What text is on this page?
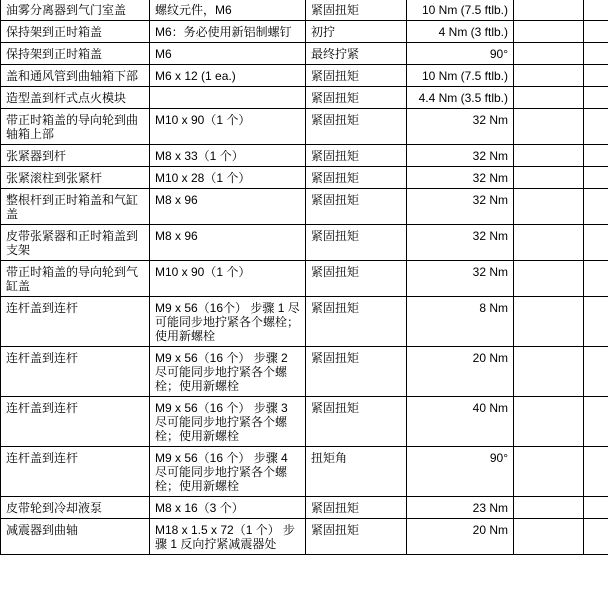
油雾分离器到气门室盖	螺纹元件，M6	紧固扭矩	10 Nm (7.5 ftlb.)		
保持架到正时箱盖	M6：务必使用新铝制螺钉	初拧	4 Nm (3 ftlb.)		
保持架到正时箱盖	M6	最终拧紧	90°		
盖和通风管到曲轴箱下部	M6 x 12 (1 ea.)	紧固扭矩	10 Nm (7.5 ftlb.)		
造型盖到杆式点火模块		紧固扭矩	4.4 Nm (3.5 ftlb.)		
带正时箱盖的导向轮到曲轴箱上部	M10 x 90（1 个）	紧固扭矩	32 Nm		
张紧器到杆	M8 x 33（1 个）	紧固扭矩	32 Nm		
张紧滚柱到张紧杆	M10 x 28（1 个）	紧固扭矩	32 Nm		
整根杆到正时箱盖和气缸盖	M8 x 96	紧固扭矩	32 Nm		
皮带张紧器和正时箱盖到支架	M8 x 96	紧固扭矩	32 Nm		
带正时箱盖的导向轮到气缸盖	M10 x 90（1 个）	紧固扭矩	32 Nm		
连杆盖到连杆	M9 x 56（16个） 步骤 1 尽可能同步地拧紧各个螺栓；使用新螺栓	紧固扭矩	8 Nm		
连杆盖到连杆	M9 x 56（16 个） 步骤 2 尽可能同步地拧紧各个螺栓；使用新螺栓	紧固扭矩	20 Nm		
连杆盖到连杆	M9 x 56（16 个） 步骤 3 尽可能同步地拧紧各个螺栓；使用新螺栓	紧固扭矩	40 Nm		
连杆盖到连杆	M9 x 56（16 个） 步骤 4 尽可能同步地拧紧各个螺栓；使用新螺栓	扭矩角	90°		
皮带轮到冷却液泵	M8 x 16（3 个）	紧固扭矩	23 Nm		
减震器到曲轴	M18 x 1.5 x 72（1 个） 步骤 1 反向拧紧减震器处	紧固扭矩	20 Nm		
